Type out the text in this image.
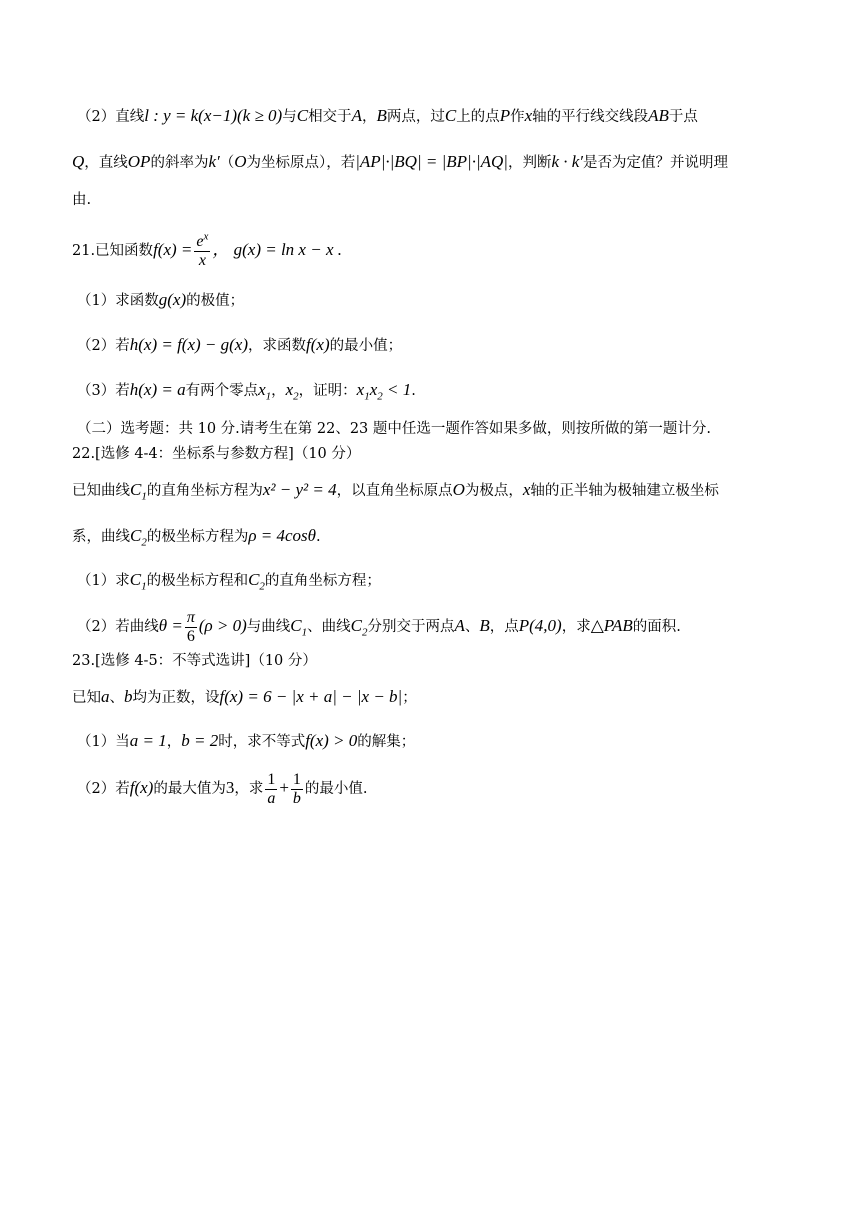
（2）直线l : y = k(x−1)(k ≥ 0)与C相交于A，B两点，过C上的点P作x轴的平行线交线段AB于点
Q，直线OP的斜率为k′（O为坐标原点），若|AP|·|BQ| = |BP|·|AQ|，判断k · k′是否为定值？并说明理
由.
21.已知函数$f(x) = \frac{e^x}{x}$ ， g(x) = ln x − x .
（1）求函数g(x)的极值；
（2）若h(x) = f(x) − g(x)，求函数f(x)的最小值；
（3）若h(x) = a有两个零点$x_1$，$x_2$，证明：$x_1x_2 < 1$.
（二）选考题：共 10 分.请考生在第 22、23 题中任选一题作答如果多做，则按所做的第一题计分.
22.[选修 4-4：坐标系与参数方程]（10 分）
已知曲线$C_1$的直角坐标方程为x² − y² = 4，以直角坐标原点O为极点，x轴的正半轴为极轴建立极坐标
系，曲线$C_2$的极坐标方程为ρ = 4cosθ.
（1）求$C_1$的极坐标方程和$C_2$的直角坐标方程；
（2）若曲线$\theta = \frac{\pi}{6} (\rho > 0)$与曲线$C_1$、曲线$C_2$分别交于两点A、B，点P(4,0)，求△PAB的面积.
23.[选修 4-5：不等式选讲]（10 分）
已知a、b均为正数，设f(x) = 6 − |x + a| − |x − b|；
（1）当a = 1，b = 2时，求不等式f(x) > 0的解集；
（2）若f(x)的最大值为3，求 $\frac{1}{a} + \frac{1}{b}$ 的最小值.
